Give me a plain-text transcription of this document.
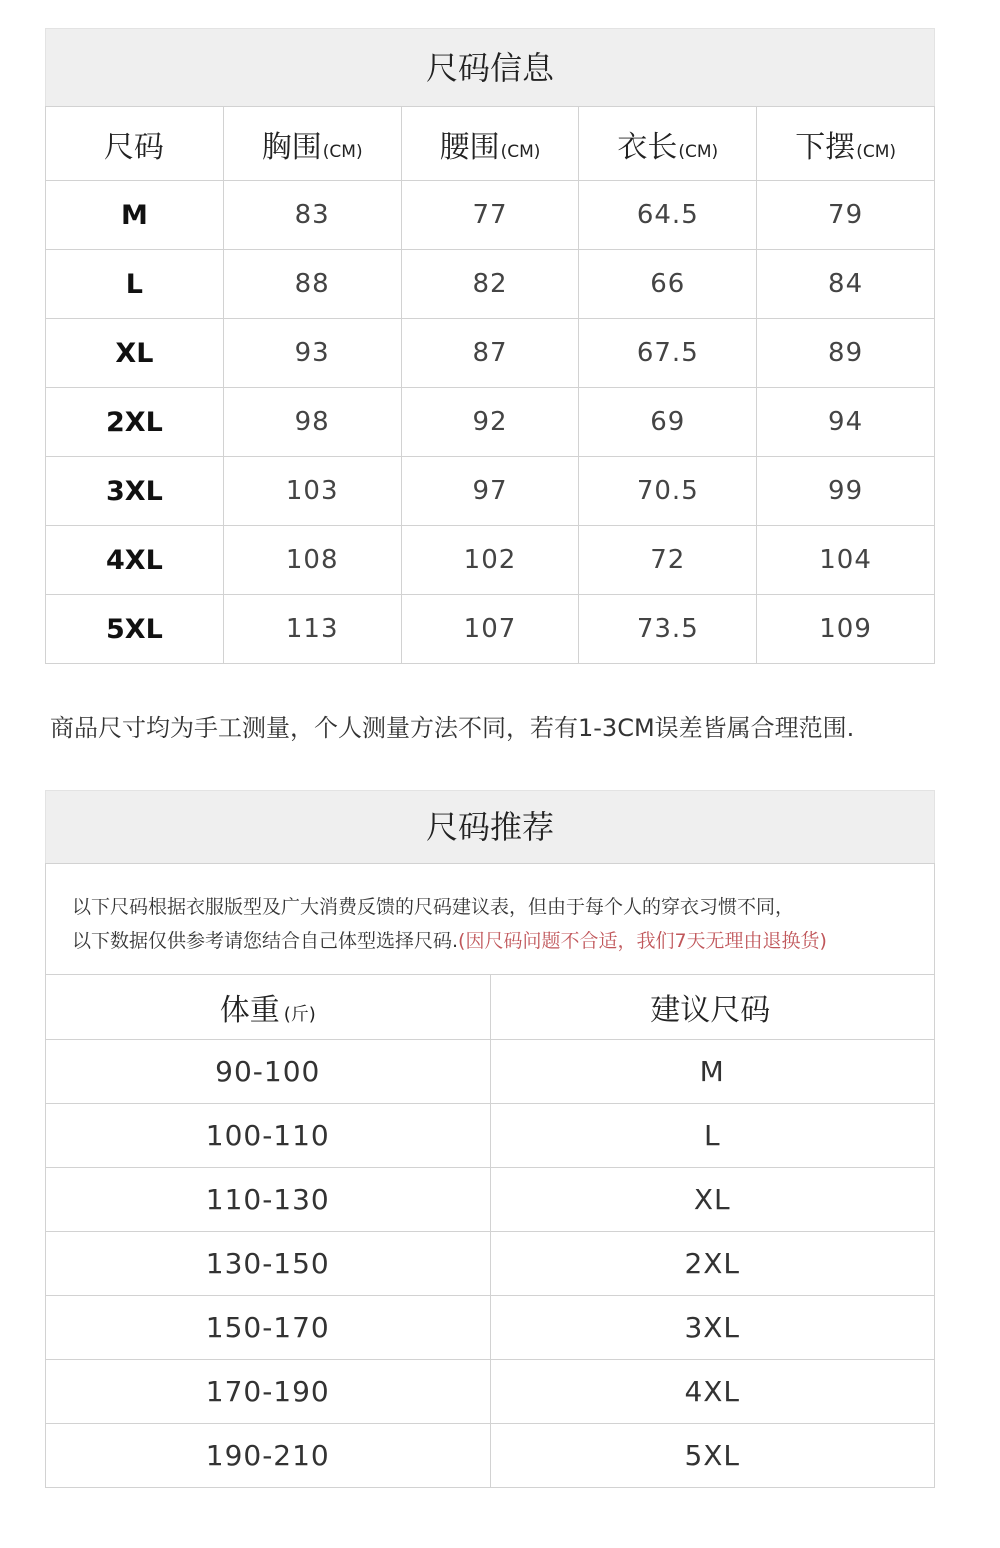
尺码信息
尺码	胸围(CM)	腰围(CM)	衣长(CM)	下摆(CM)
M	83	77	64.5	79
L	88	82	66	84
XL	93	87	67.5	89
2XL	98	92	69	94
3XL	103	97	70.5	99
4XL	108	102	72	104
5XL	113	107	73.5	109
商品尺寸均为手工测量，个人测量方法不同，若有1-3CM误差皆属合理范围.
尺码推荐
以下尺码根据衣服版型及广大消费反馈的尺码建议表，但由于每个人的穿衣习惯不同，
以下数据仅供参考请您结合自己体型选择尺码.(因尺码问题不合适，我们7天无理由退换货)
体重 (斤)	建议尺码
90-100	M
100-110	L
110-130	XL
130-150	2XL
150-170	3XL
170-190	4XL
190-210	5XL
